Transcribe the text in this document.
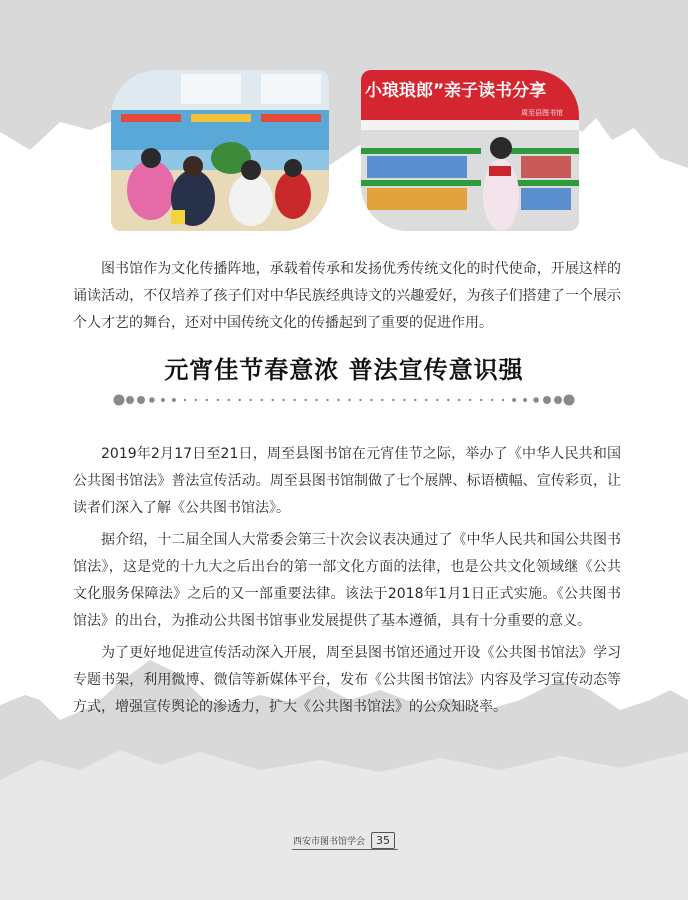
小琅琅郎”亲子读书分享
周至县图书馆

图书馆作为文化传播阵地，承载着传承和发扬优秀传统文化的时代使命，开展这样的诵读活动，不仅培养了孩子们对中华民族经典诗文的兴趣爱好，为孩子们搭建了一个展示个人才艺的舞台，还对中国传统文化的传播起到了重要的促进作用。

元宵佳节春意浓 普法宣传意识强

2019年2月17日至21日，周至县图书馆在元宵佳节之际，举办了《中华人民共和国公共图书馆法》普法宣传活动。周至县图书馆制做了七个展牌、标语横幅、宣传彩页，让读者们深入了解《公共图书馆法》。

据介绍，十二届全国人大常委会第三十次会议表决通过了《中华人民共和国公共图书馆法》，这是党的十九大之后出台的第一部文化方面的法律，也是公共文化领域继《公共文化服务保障法》之后的又一部重要法律。该法于2018年1月1日正式实施。《公共图书馆法》的出台，为推动公共图书馆事业发展提供了基本遵循，具有十分重要的意义。

为了更好地促进宣传活动深入开展，周至县图书馆还通过开设《公共图书馆法》学习专题书架，利用微博、微信等新媒体平台，发布《公共图书馆法》内容及学习宣传动态等方式，增强宣传舆论的渗透力，扩大《公共图书馆法》的公众知晓率。

西安市图书馆学会	35
